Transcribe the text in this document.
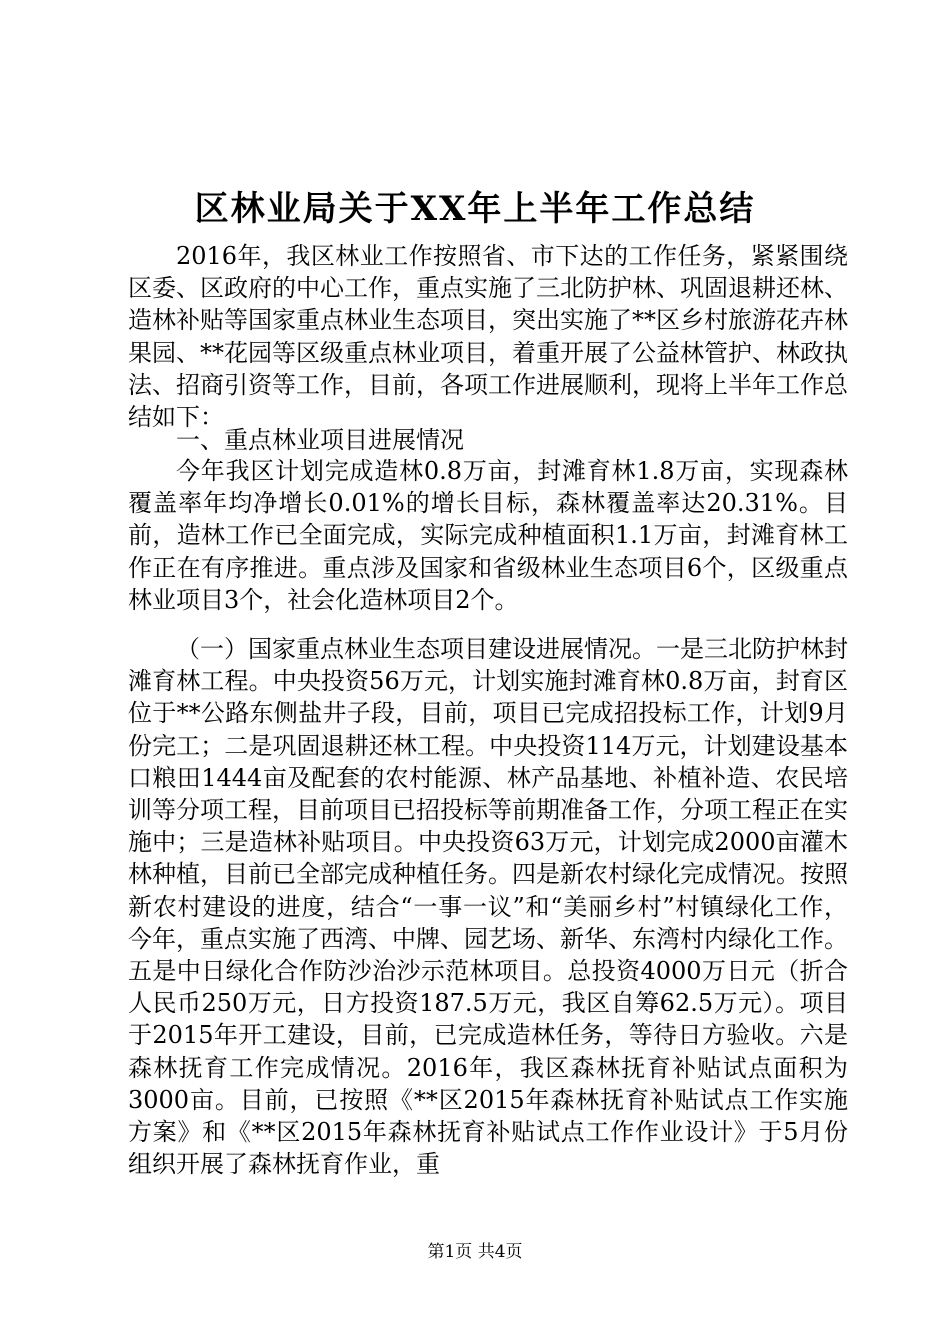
区林业局关于XX年上半年工作总结

2016年，我区林业工作按照省、市下达的工作任务，紧紧围绕区委、区政府的中心工作，重点实施了三北防护林、巩固退耕还林、造林补贴等国家重点林业生态项目，突出实施了**区乡村旅游花卉林果园、**花园等区级重点林业项目，着重开展了公益林管护、林政执法、招商引资等工作，目前，各项工作进展顺利，现将上半年工作总结如下：

一、重点林业项目进展情况

今年我区计划完成造林0.8万亩，封滩育林1.8万亩，实现森林覆盖率年均净增长0.01%的增长目标，森林覆盖率达20.31%。目前，造林工作已全面完成，实际完成种植面积1.1万亩，封滩育林工作正在有序推进。重点涉及国家和省级林业生态项目6个，区级重点林业项目3个，社会化造林项目2个。

（一）国家重点林业生态项目建设进展情况。一是三北防护林封滩育林工程。中央投资56万元，计划实施封滩育林0.8万亩，封育区位于**公路东侧盐井子段，目前，项目已完成招投标工作，计划9月份完工；二是巩固退耕还林工程。中央投资114万元，计划建设基本口粮田1444亩及配套的农村能源、林产品基地、补植补造、农民培训等分项工程，目前项目已招投标等前期准备工作，分项工程正在实施中；三是造林补贴项目。中央投资63万元，计划完成2000亩灌木林种植，目前已全部完成种植任务。四是新农村绿化完成情况。按照新农村建设的进度，结合“一事一议”和“美丽乡村”村镇绿化工作，今年，重点实施了西湾、中牌、园艺场、新华、东湾村内绿化工作。五是中日绿化合作防沙治沙示范林项目。总投资4000万日元（折合人民币250万元，日方投资187.5万元，我区自筹62.5万元）。项目于2015年开工建设，目前，已完成造林任务，等待日方验收。六是森林抚育工作完成情况。2016年，我区森林抚育补贴试点面积为3000亩。目前，已按照《**区2015年森林抚育补贴试点工作实施方案》和《**区2015年森林抚育补贴试点工作作业设计》于5月份组织开展了森林抚育作业，重

第1页 共4页
